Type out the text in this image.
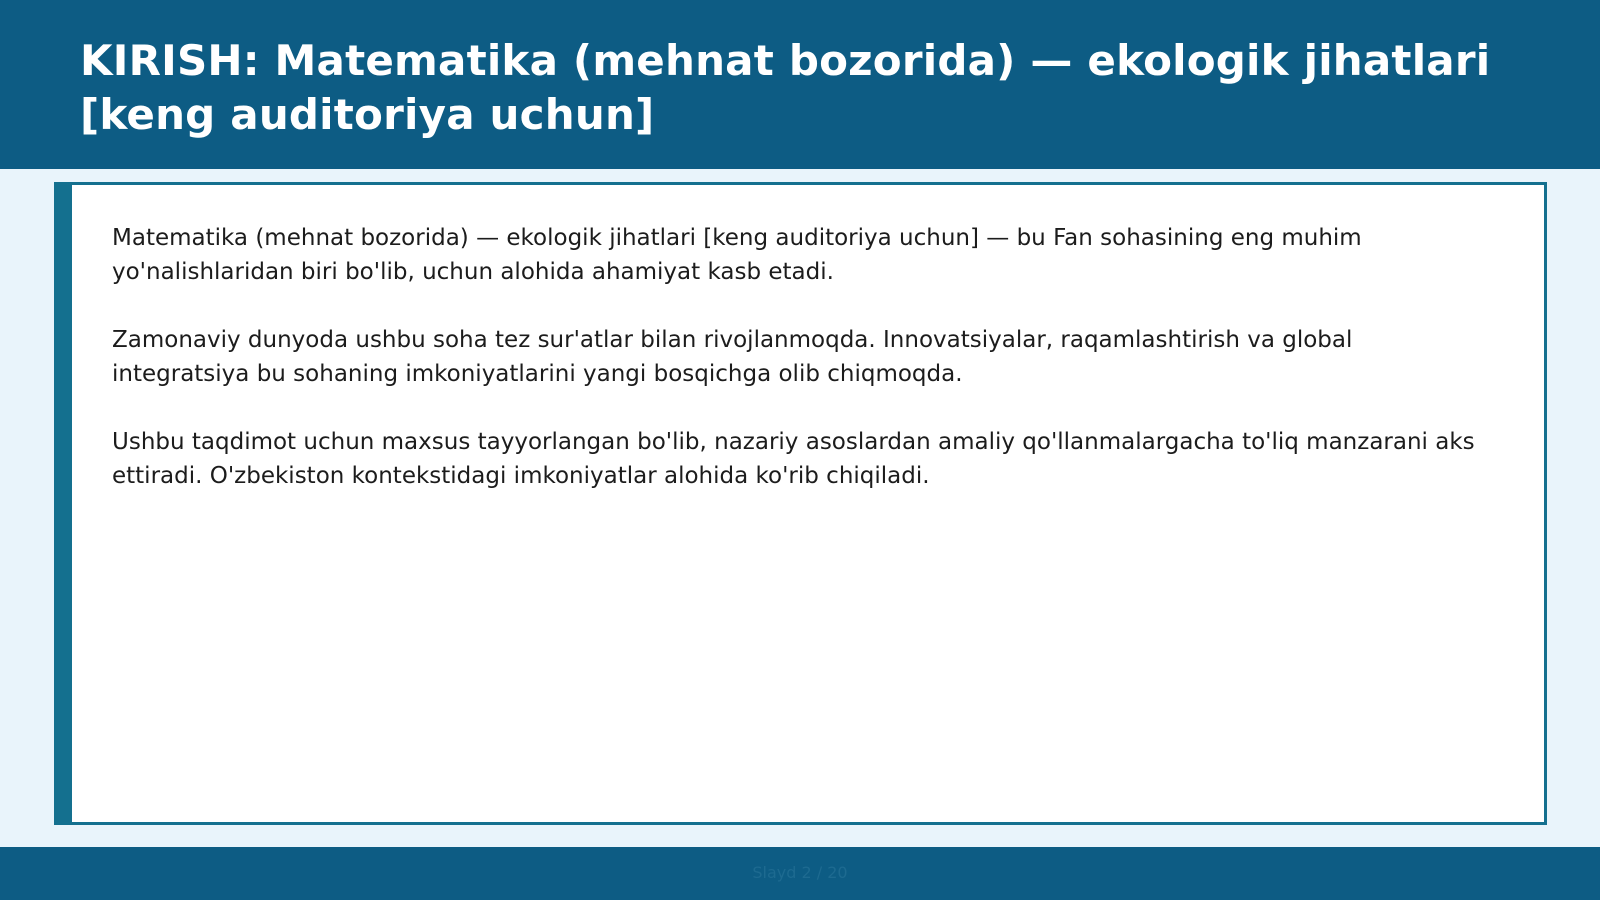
KIRISH: Matematika (mehnat bozorida) — ekologik jihatlari [keng auditoriya uchun]

Matematika (mehnat bozorida) — ekologik jihatlari [keng auditoriya uchun] — bu Fan sohasining eng muhim yo'nalishlaridan biri bo'lib, uchun alohida ahamiyat kasb etadi.

Zamonaviy dunyoda ushbu soha tez sur'atlar bilan rivojlanmoqda. Innovatsiyalar, raqamlashtirish va global integratsiya bu sohaning imkoniyatlarini yangi bosqichga olib chiqmoqda.

Ushbu taqdimot uchun maxsus tayyorlangan bo'lib, nazariy asoslardan amaliy qo'llanmalargacha to'liq manzarani aks ettiradi. O'zbekiston kontekstidagi imkoniyatlar alohida ko'rib chiqiladi.

Slayd 2 / 20
